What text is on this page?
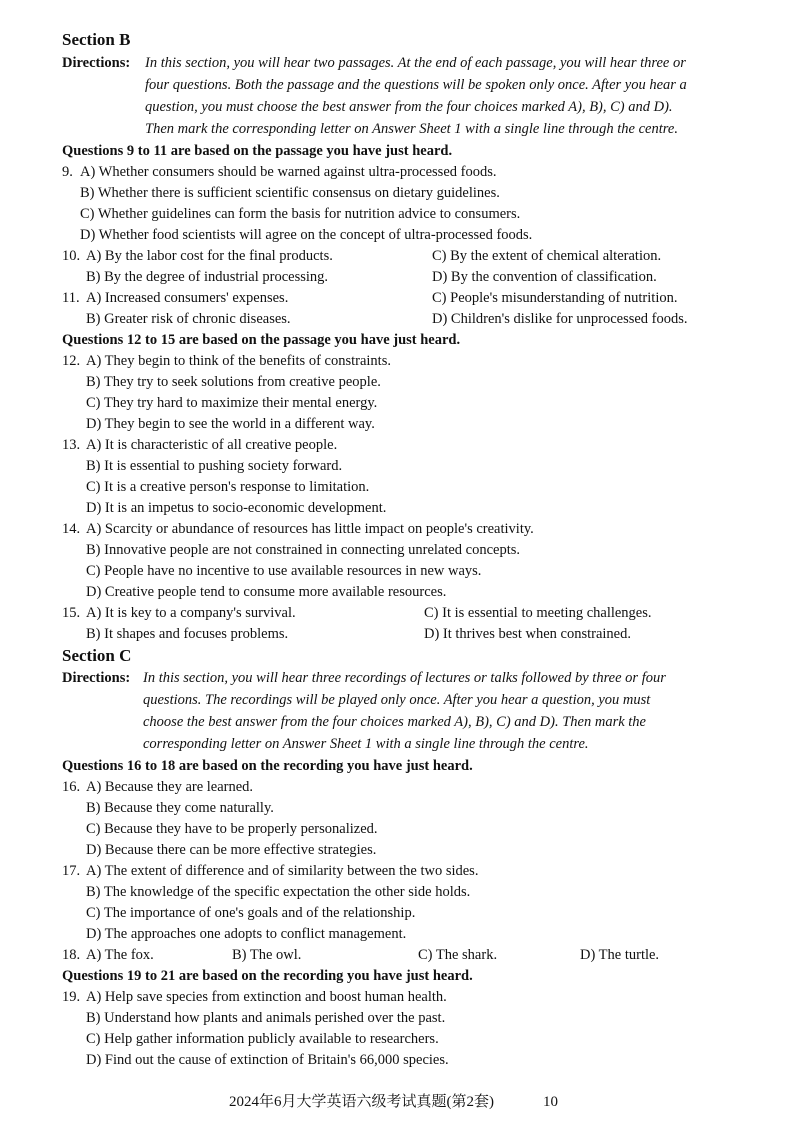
Section B
Directions: In this section, you will hear two passages. At the end of each passage, you will hear three or
four questions. Both the passage and the questions will be spoken only once. After you hear a
question, you must choose the best answer from the four choices marked A), B), C) and D).
Then mark the corresponding letter on Answer Sheet 1 with a single line through the centre.
Questions 9 to 11 are based on the passage you have just heard.
9. A) Whether consumers should be warned against ultra-processed foods.
B) Whether there is sufficient scientific consensus on dietary guidelines.
C) Whether guidelines can form the basis for nutrition advice to consumers.
D) Whether food scientists will agree on the concept of ultra-processed foods.
10. A) By the labor cost for the final products.	C) By the extent of chemical alteration.
B) By the degree of industrial processing.	D) By the convention of classification.
11. A) Increased consumers' expenses.	C) People's misunderstanding of nutrition.
B) Greater risk of chronic diseases.	D) Children's dislike for unprocessed foods.
Questions 12 to 15 are based on the passage you have just heard.
12. A) They begin to think of the benefits of constraints.
B) They try to seek solutions from creative people.
C) They try hard to maximize their mental energy.
D) They begin to see the world in a different way.
13. A) It is characteristic of all creative people.
B) It is essential to pushing society forward.
C) It is a creative person's response to limitation.
D) It is an impetus to socio-economic development.
14. A) Scarcity or abundance of resources has little impact on people's creativity.
B) Innovative people are not constrained in connecting unrelated concepts.
C) People have no incentive to use available resources in new ways.
D) Creative people tend to consume more available resources.
15. A) It is key to a company's survival.	C) It is essential to meeting challenges.
B) It shapes and focuses problems.	D) It thrives best when constrained.
Section C
Directions: In this section, you will hear three recordings of lectures or talks followed by three or four
questions. The recordings will be played only once. After you hear a question, you must
choose the best answer from the four choices marked A), B), C) and D). Then mark the
corresponding letter on Answer Sheet 1 with a single line through the centre.
Questions 16 to 18 are based on the recording you have just heard.
16. A) Because they are learned.
B) Because they come naturally.
C) Because they have to be properly personalized.
D) Because there can be more effective strategies.
17. A) The extent of difference and of similarity between the two sides.
B) The knowledge of the specific expectation the other side holds.
C) The importance of one's goals and of the relationship.
D) The approaches one adopts to conflict management.
18. A) The fox.	B) The owl.	C) The shark.	D) The turtle.
Questions 19 to 21 are based on the recording you have just heard.
19. A) Help save species from extinction and boost human health.
B) Understand how plants and animals perished over the past.
C) Help gather information publicly available to researchers.
D) Find out the cause of extinction of Britain's 66,000 species.
2024年6月大学英语六级考试真题(第2套)	10
